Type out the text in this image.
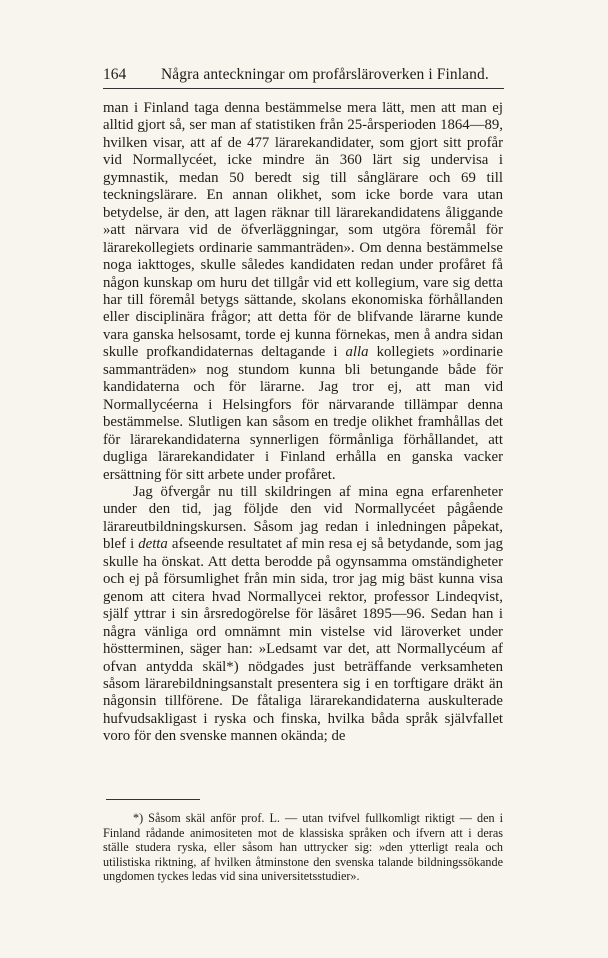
164 Några anteckningar om profårsläroverken i Finland.

man i Finland taga denna bestämmelse mera lätt, men att man ej alltid gjort så, ser man af statistiken från 25-årsperioden 1864—89, hvilken visar, att af de 477 lärarekandidater, som gjort sitt profår vid Normallycéet, icke mindre än 360 lärt sig undervisa i gymnastik, medan 50 beredt sig till sånglärare och 69 till teckningslärare. En annan olikhet, som icke borde vara utan betydelse, är den, att lagen räknar till lärarekandidatens åliggande »att närvara vid de öfverläggningar, som utgöra föremål för lärarekollegiets ordinarie sammanträden». Om denna bestämmelse noga iakttoges, skulle således kandidaten redan under profåret få någon kunskap om huru det tillgår vid ett kollegium, vare sig detta har till föremål betygs sättande, skolans ekonomiska förhållanden eller disciplinära frågor; att detta för de blifvande lärarne kunde vara ganska helsosamt, torde ej kunna förnekas, men å andra sidan skulle profkandidaternas deltagande i alla kollegiets »ordinarie sammanträden» nog stundom kunna bli betungande både för kandidaterna och för lärarne. Jag tror ej, att man vid Normallycéerna i Helsingfors för närvarande tillämpar denna bestämmelse. Slutligen kan såsom en tredje olikhet framhållas det för lärarekandidaterna synnerligen förmånliga förhållandet, att dugliga lärarekandidater i Finland erhålla en ganska vacker ersättning för sitt arbete under profåret.

Jag öfvergår nu till skildringen af mina egna erfarenheter under den tid, jag följde den vid Normallycéet pågående lärareutbildningskursen. Såsom jag redan i inledningen påpekat, blef i detta afseende resultatet af min resa ej så betydande, som jag skulle ha önskat. Att detta berodde på ogynsamma omständigheter och ej på försumlighet från min sida, tror jag mig bäst kunna visa genom att citera hvad Normallycei rektor, professor Lindeqvist, själf yttrar i sin årsredogörelse för läsåret 1895—96. Sedan han i några vänliga ord omnämnt min vistelse vid läroverket under höstterminen, säger han: »Ledsamt var det, att Normallycéum af ofvan antydda skäl*) nödgades just beträffande verksamheten såsom lärarebildningsanstalt presentera sig i en torftigare dräkt än någonsin tillförene. De fåtaliga lärarekandidaterna auskulterade hufvudsakligast i ryska och finska, hvilka båda språk självfallet voro för den svenske mannen okända; de

*) Såsom skäl anför prof. L. — utan tvifvel fullkomligt riktigt — den i Finland rådande animositeten mot de klassiska språken och ifvern att i deras ställe studera ryska, eller såsom han uttrycker sig: »den ytterligt reala och utilistiska riktning, af hvilken åtminstone den svenska talande bildningssökande ungdomen tyckes ledas vid sina universitetsstudier».
